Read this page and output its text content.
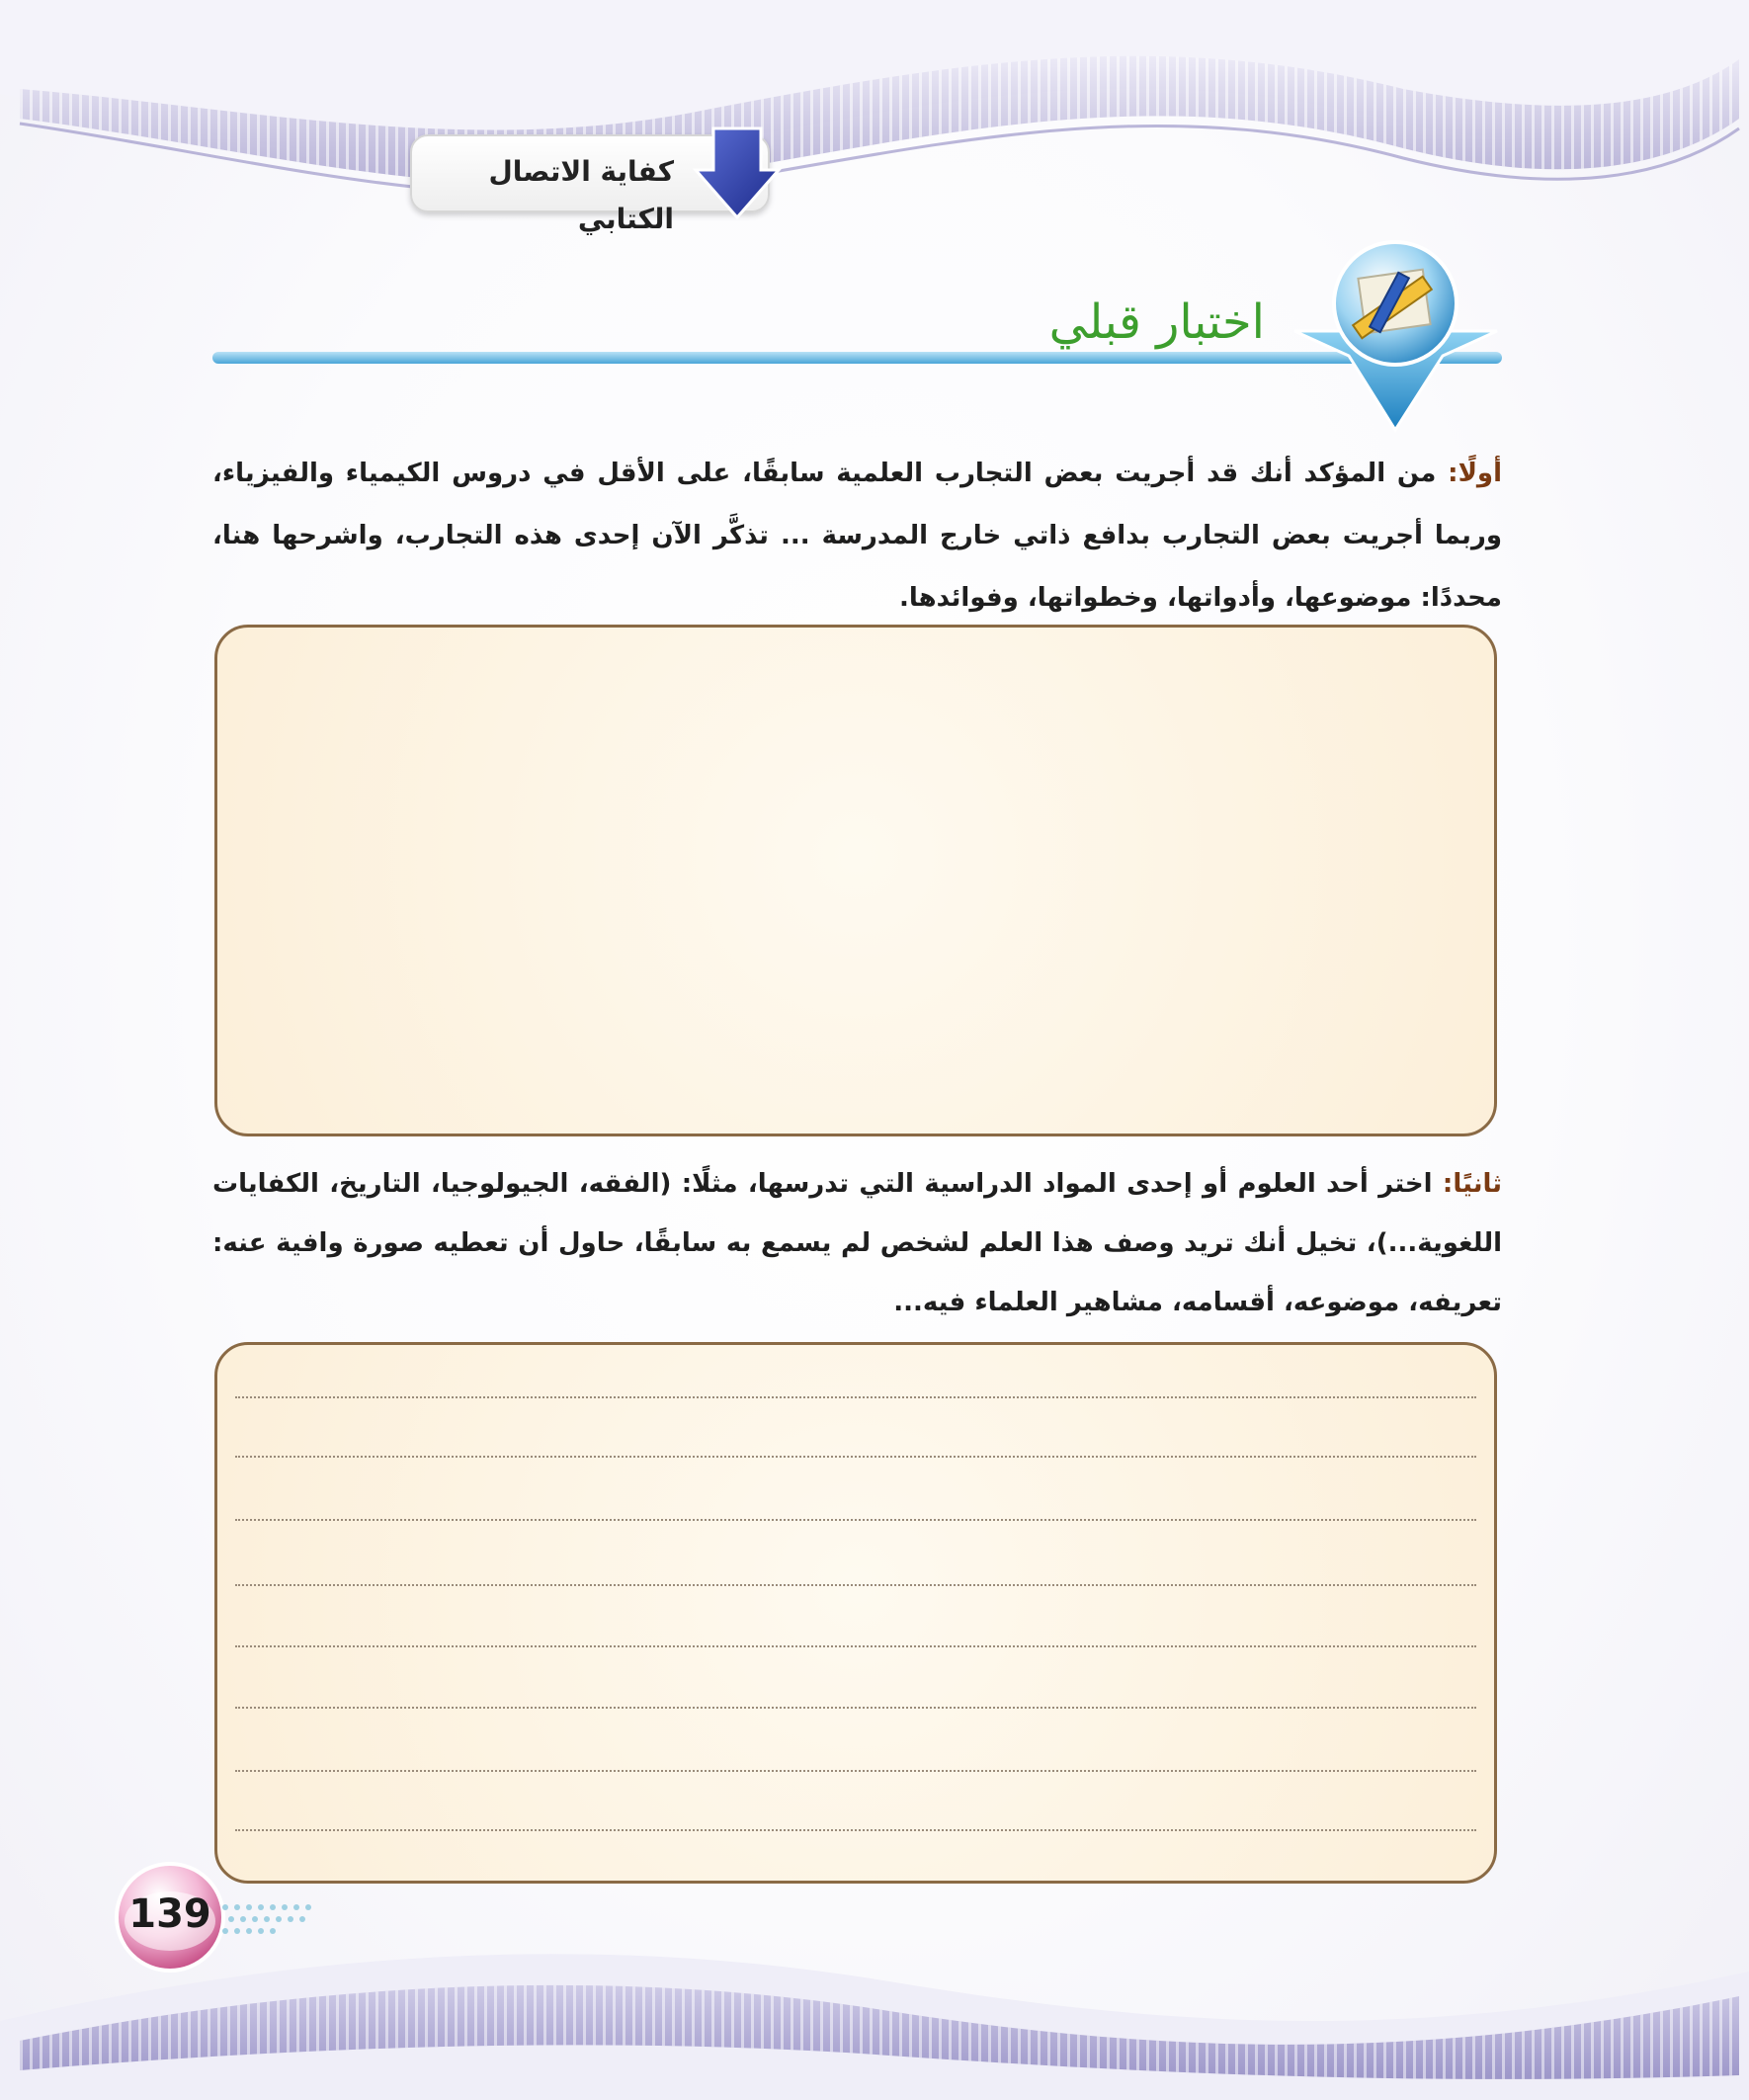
كفاية الاتصال الكتابي
اختبار قبلي
أولًا: من المؤكد أنك قد أجريت بعض التجارب العلمية سابقًا، على الأقل في دروس الكيمياء والفيزياء، وربما أجريت بعض التجارب بدافع ذاتي خارج المدرسة ... تذكَّر الآن إحدى هذه التجارب، واشرحها هنا، محددًا: موضوعها، وأدواتها، وخطواتها، وفوائدها.
ثانيًا: اختر أحد العلوم أو إحدى المواد الدراسية التي تدرسها، مثلًا: (الفقه، الجيولوجيا، التاريخ، الكفايات اللغوية...)، تخيل أنك تريد وصف هذا العلم لشخص لم يسمع به سابقًا، حاول أن تعطيه صورة وافية عنه: تعريفه، موضوعه، أقسامه، مشاهير العلماء فيه...
139
